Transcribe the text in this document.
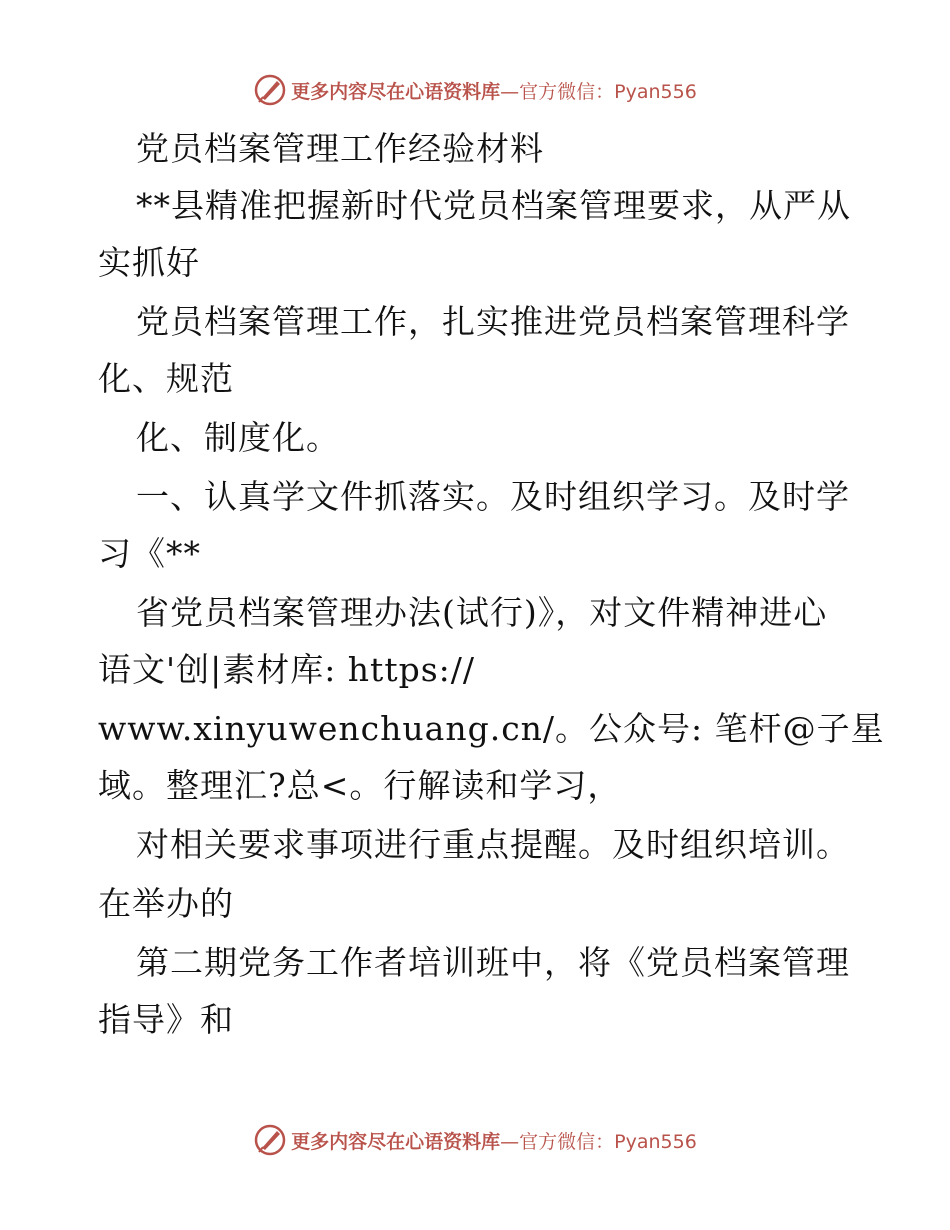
更多内容尽在心语资料库 —官方微信：Pyan556
党员档案管理工作经验材料
**县精准把握新时代党员档案管理要求，从严从
实抓好
党员档案管理工作，扎实推进党员档案管理科学
化、规范
化、制度化。
一、认真学文件抓落实。及时组织学习。及时学
习《**
省党员档案管理办法(试行)》，对文件精神进心
语文'创|素材库: https://
www.xinyuwenchuang.cn/。公众号: 笔杆@子星
域。整理汇?总<。行解读和学习，
对相关要求事项进行重点提醒。及时组织培训。
在举办的
第二期党务工作者培训班中，将《党员档案管理
指导》和
更多内容尽在心语资料库 —官方微信：Pyan556
